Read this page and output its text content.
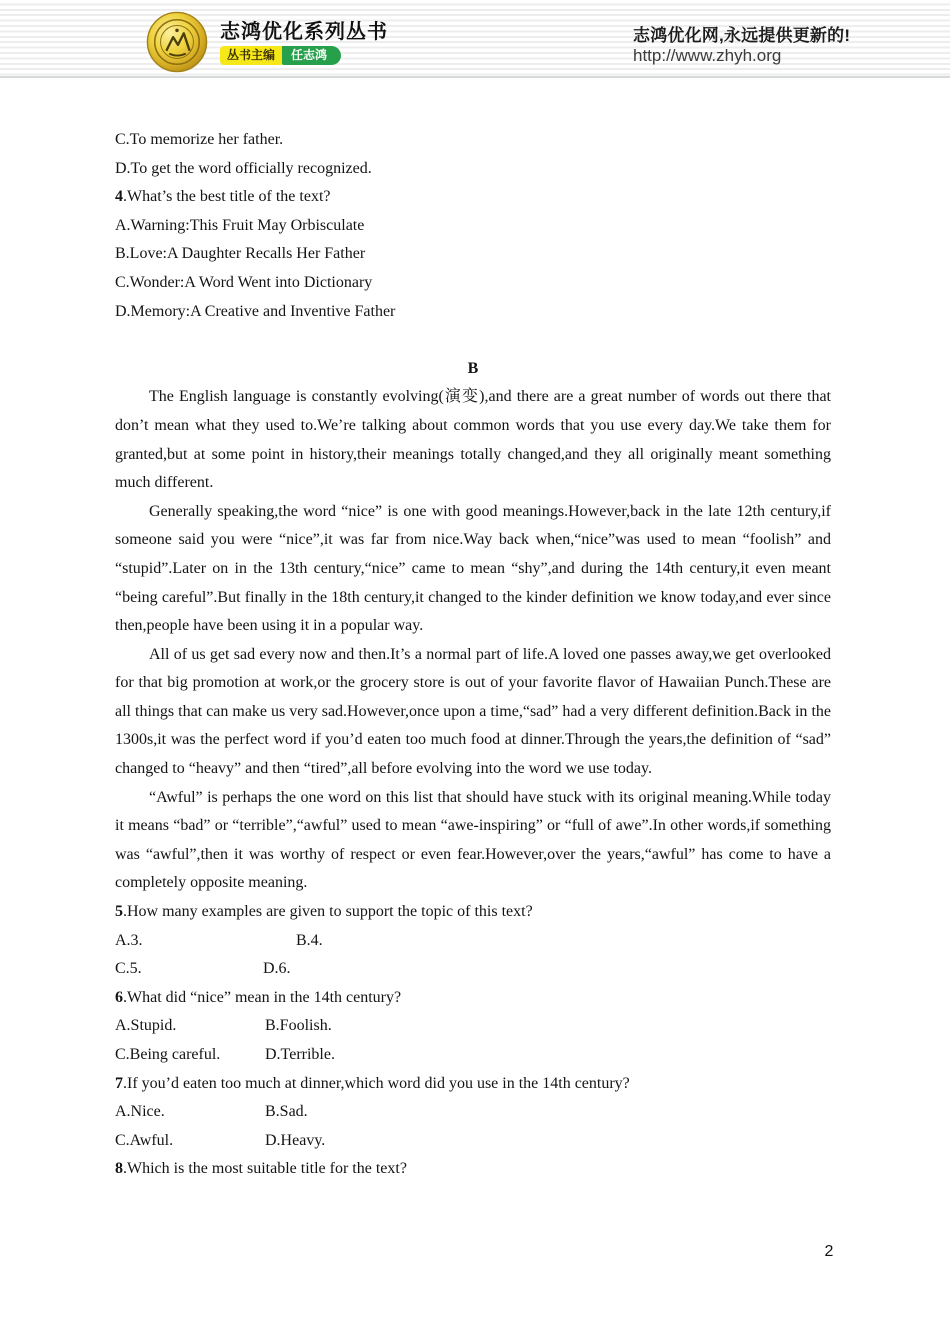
志鸿优化系列丛书
丛书主编	任志鸿
志鸿优化网,永远提供更新的!
http://www.zhyh.org

C.To memorize her father.

D.To get the word officially recognized.

4.What’s the best title of the text?

A.Warning:This Fruit May Orbisculate

B.Love:A Daughter Recalls Her Father

C.Wonder:A Word Went into Dictionary

D.Memory:A Creative and Inventive Father

B

The English language is constantly evolving(演变),and there are a great number of words out there that don’t mean what they used to.We’re talking about common words that you use every day.We take them for granted,but at some point in history,their meanings totally changed,and they all originally meant something much different.

Generally speaking,the word “nice” is one with good meanings.However,back in the late 12th century,if someone said you were “nice”,it was far from nice.Way back when,“nice”was used to mean “foolish” and “stupid”.Later on in the 13th century,“nice” came to mean “shy”,and during the 14th century,it even meant “being careful”.But finally in the 18th century,it changed to the kinder definition we know today,and ever since then,people have been using it in a popular way.

All of us get sad every now and then.It’s a normal part of life.A loved one passes away,we get overlooked for that big promotion at work,or the grocery store is out of your favorite flavor of Hawaiian Punch.These are all things that can make us very sad.However,once upon a time,“sad” had a very different definition.Back in the 1300s,it was the perfect word if you’d eaten too much food at dinner.Through the years,the definition of “sad” changed to “heavy” and then “tired”,all before evolving into the word we use today.

“Awful” is perhaps the one word on this list that should have stuck with its original meaning.While today it means “bad” or “terrible”,“awful” used to mean “awe-inspiring” or “full of awe”.In other words,if something was “awful”,then it was worthy of respect or even fear.However,over the years,“awful” has come to have a completely opposite meaning.

5.How many examples are given to support the topic of this text?

A.3.	B.4.

C.5.	D.6.

6.What did “nice” mean in the 14th century?

A.Stupid.	B.Foolish.

C.Being careful.	D.Terrible.

7.If you’d eaten too much at dinner,which word did you use in the 14th century?

A.Nice.	B.Sad.

C.Awful.	D.Heavy.

8.Which is the most suitable title for the text?

2
